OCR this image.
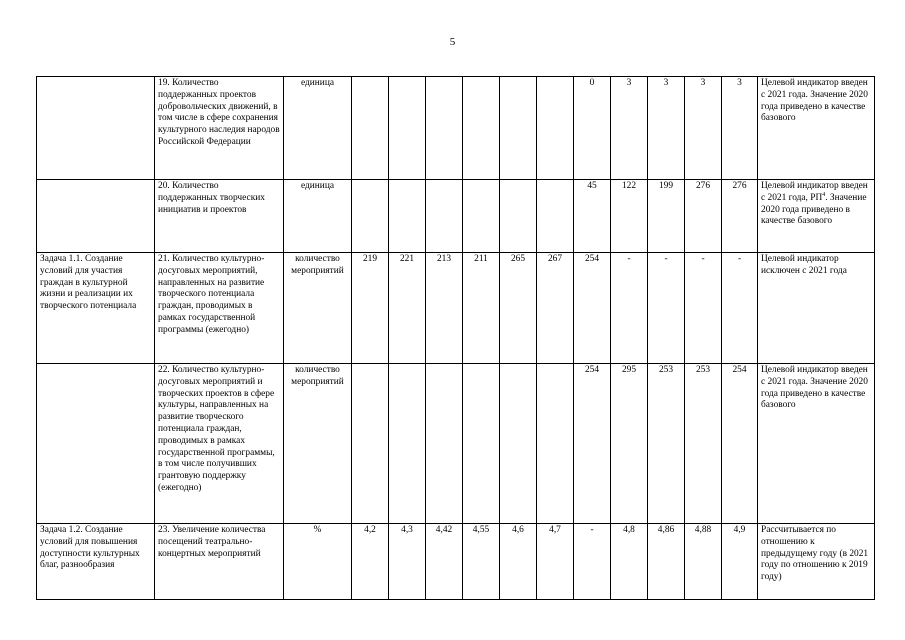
5
	19. Количество поддержанных проектов добровольческих движений, в том числе в сфере сохранения культурного наследия народов Российской Федерации	единица							0	3	3	3	3	Целевой индикатор введен с 2021 года. Значение 2020 года приведено в качестве базового
	20. Количество поддержанных творческих инициатив и проектов	единица							45	122	199	276	276	Целевой индикатор введен с 2021 года, $РП^4$. Значение 2020 года приведено в качестве базового
Задача 1.1. Создание условий для участия граждан в культурной жизни и реализации их творческого потенциала	21. Количество культурно-досуговых мероприятий, направленных на развитие творческого потенциала граждан, проводимых в рамках государственной программы (ежегодно)	количество мероприятий	219	221	213	211	265	267	254	-	-	-	-	Целевой индикатор исключен с 2021 года
	22. Количество культурно-досуговых мероприятий и творческих проектов в сфере культуры, направленных на развитие творческого потенциала граждан, проводимых в рамках государственной программы, в том числе получивших грантовую поддержку (ежегодно)	количество мероприятий							254	295	253	253	254	Целевой индикатор введен с 2021 года. Значение 2020 года приведено в качестве базового
Задача 1.2. Создание условий для повышения доступности культурных благ, разнообразия	23. Увеличение количества посещений театрально-концертных мероприятий	%	4,2	4,3	4,42	4,55	4,6	4,7	-	4,8	4,86	4,88	4,9	Рассчитывается по отношению к предыдущему году (в 2021 году по отношению к 2019 году)
